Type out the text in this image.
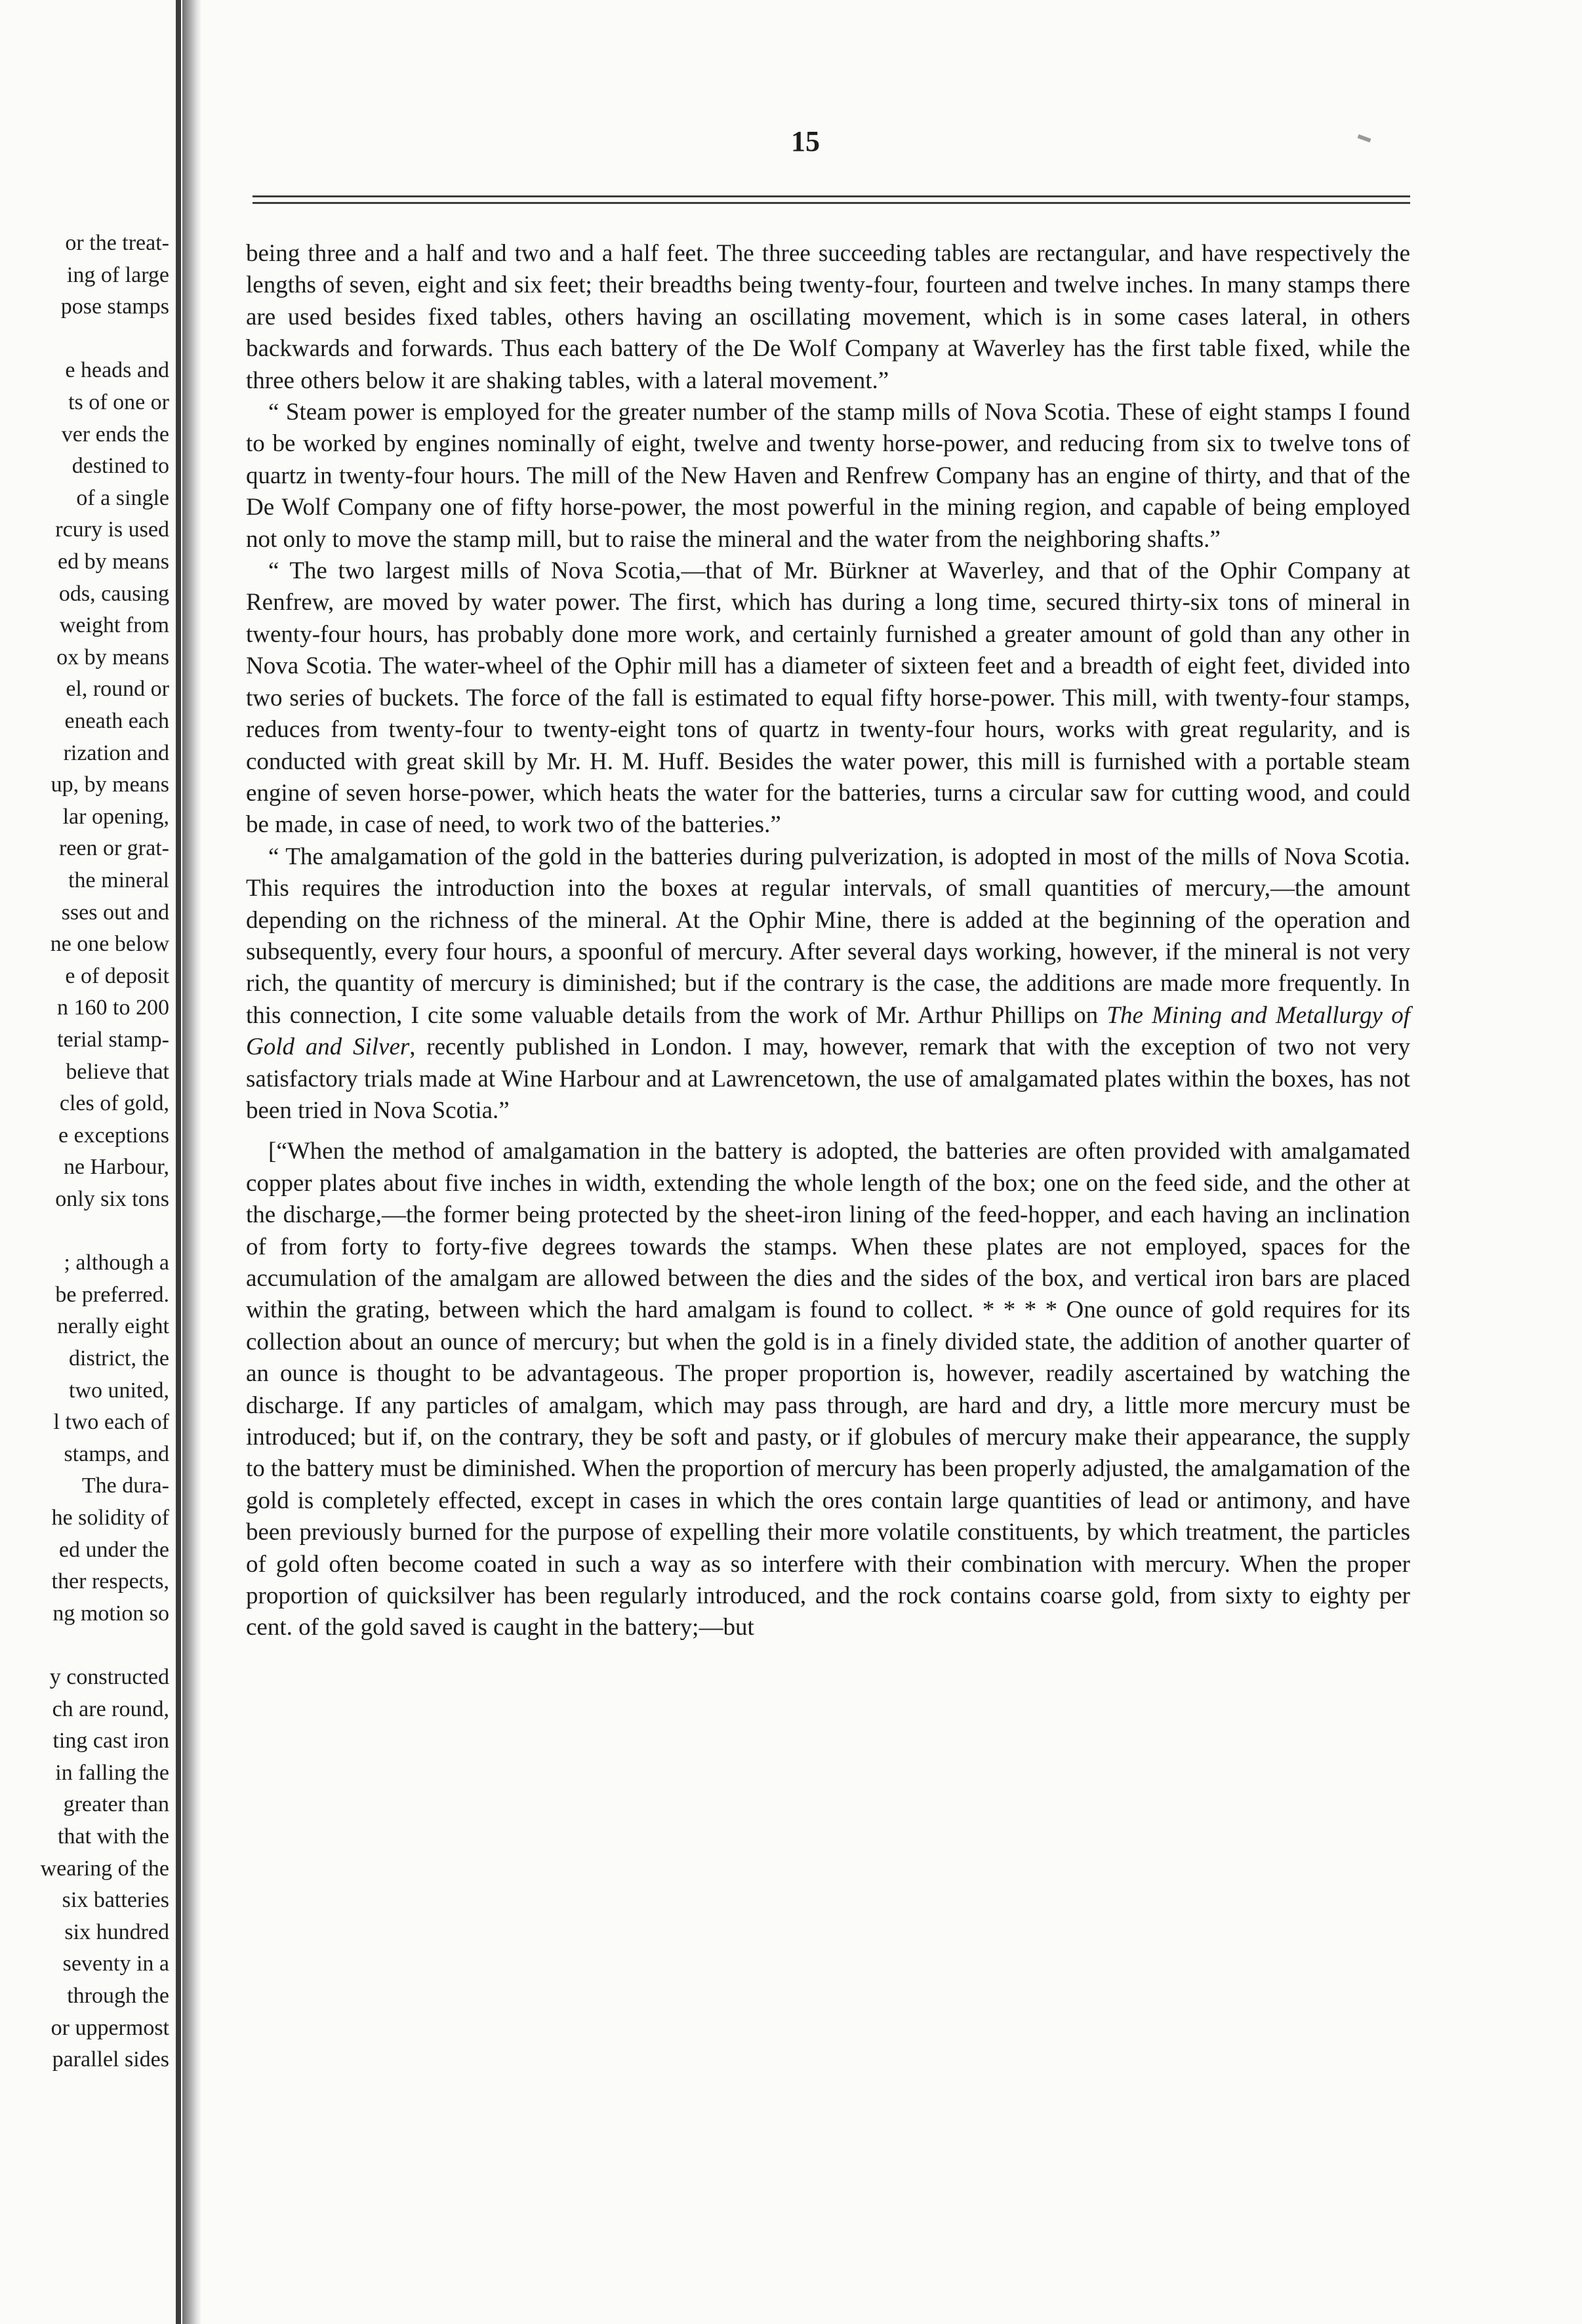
or the treat-
ing of large
pose stamps
e heads and
ts of one or
ver ends the
destined to
of a single
rcury is used
ed by means
ods, causing
weight from
ox by means
el, round or
eneath each
rization and
up, by means
lar opening,
reen or grat-
the mineral
sses out and
ne one below
e of deposit
n 160 to 200
terial stamp-
believe that
cles of gold,
e exceptions
ne Harbour,
only six tons
; although a
be preferred.
nerally eight
district, the
two united,
l two each of
stamps, and
The dura-
he solidity of
ed under the
ther respects,
ng motion so
y constructed
ch are round,
ting cast iron
in falling the
greater than
that with the
wearing of the
six batteries
six hundred
seventy in a
through the
or uppermost
parallel sides
15

being three and a half and two and a half feet. The three succeeding tables are rectangular, and have respectively the lengths of seven, eight and six feet; their breadths being twenty-four, fourteen and twelve inches. In many stamps there are used besides fixed tables, others having an oscillating movement, which is in some cases lateral, in others backwards and forwards. Thus each battery of the De Wolf Company at Waverley has the first table fixed, while the three others below it are shaking tables, with a lateral movement.”

“ Steam power is employed for the greater number of the stamp mills of Nova Scotia. These of eight stamps I found to be worked by engines nominally of eight, twelve and twenty horse-power, and reducing from six to twelve tons of quartz in twenty-four hours. The mill of the New Haven and Renfrew Company has an engine of thirty, and that of the De Wolf Company one of fifty horse-power, the most powerful in the mining region, and capable of being employed not only to move the stamp mill, but to raise the mineral and the water from the neighboring shafts.”

“ The two largest mills of Nova Scotia,—that of Mr. Bürkner at Waverley, and that of the Ophir Company at Renfrew, are moved by water power. The first, which has during a long time, secured thirty-six tons of mineral in twenty-four hours, has probably done more work, and certainly furnished a greater amount of gold than any other in Nova Scotia. The water-wheel of the Ophir mill has a diameter of sixteen feet and a breadth of eight feet, divided into two series of buckets. The force of the fall is estimated to equal fifty horse-power. This mill, with twenty-four stamps, reduces from twenty-four to twenty-eight tons of quartz in twenty-four hours, works with great regularity, and is conducted with great skill by Mr. H. M. Huff. Besides the water power, this mill is furnished with a portable steam engine of seven horse-power, which heats the water for the batteries, turns a circular saw for cutting wood, and could be made, in case of need, to work two of the batteries.”

“ The amalgamation of the gold in the batteries during pulverization, is adopted in most of the mills of Nova Scotia. This requires the introduction into the boxes at regular intervals, of small quantities of mercury,—the amount depending on the richness of the mineral. At the Ophir Mine, there is added at the beginning of the operation and subsequently, every four hours, a spoonful of mercury. After several days working, however, if the mineral is not very rich, the quantity of mercury is diminished; but if the contrary is the case, the additions are made more frequently. In this connection, I cite some valuable details from the work of Mr. Arthur Phillips on The Mining and Metallurgy of Gold and Silver, recently published in London. I may, however, remark that with the exception of two not very satisfactory trials made at Wine Harbour and at Lawrencetown, the use of amalgamated plates within the boxes, has not been tried in Nova Scotia.”

[“When the method of amalgamation in the battery is adopted, the batteries are often provided with amalgamated copper plates about five inches in width, extending the whole length of the box; one on the feed side, and the other at the discharge,—the former being protected by the sheet-iron lining of the feed-hopper, and each having an inclination of from forty to forty-five degrees towards the stamps. When these plates are not employed, spaces for the accumulation of the amalgam are allowed between the dies and the sides of the box, and vertical iron bars are placed within the grating, between which the hard amalgam is found to collect. * * * * One ounce of gold requires for its collection about an ounce of mercury; but when the gold is in a finely divided state, the addition of another quarter of an ounce is thought to be advantageous. The proper proportion is, however, readily ascertained by watching the discharge. If any particles of amalgam, which may pass through, are hard and dry, a little more mercury must be introduced; but if, on the contrary, they be soft and pasty, or if globules of mercury make their appearance, the supply to the battery must be diminished. When the proportion of mercury has been properly adjusted, the amalgamation of the gold is completely effected, except in cases in which the ores contain large quantities of lead or antimony, and have been previously burned for the purpose of expelling their more volatile constituents, by which treatment, the particles of gold often become coated in such a way as so interfere with their combination with mercury. When the proper proportion of quicksilver has been regularly introduced, and the rock contains coarse gold, from sixty to eighty per cent. of the gold saved is caught in the battery;—but
